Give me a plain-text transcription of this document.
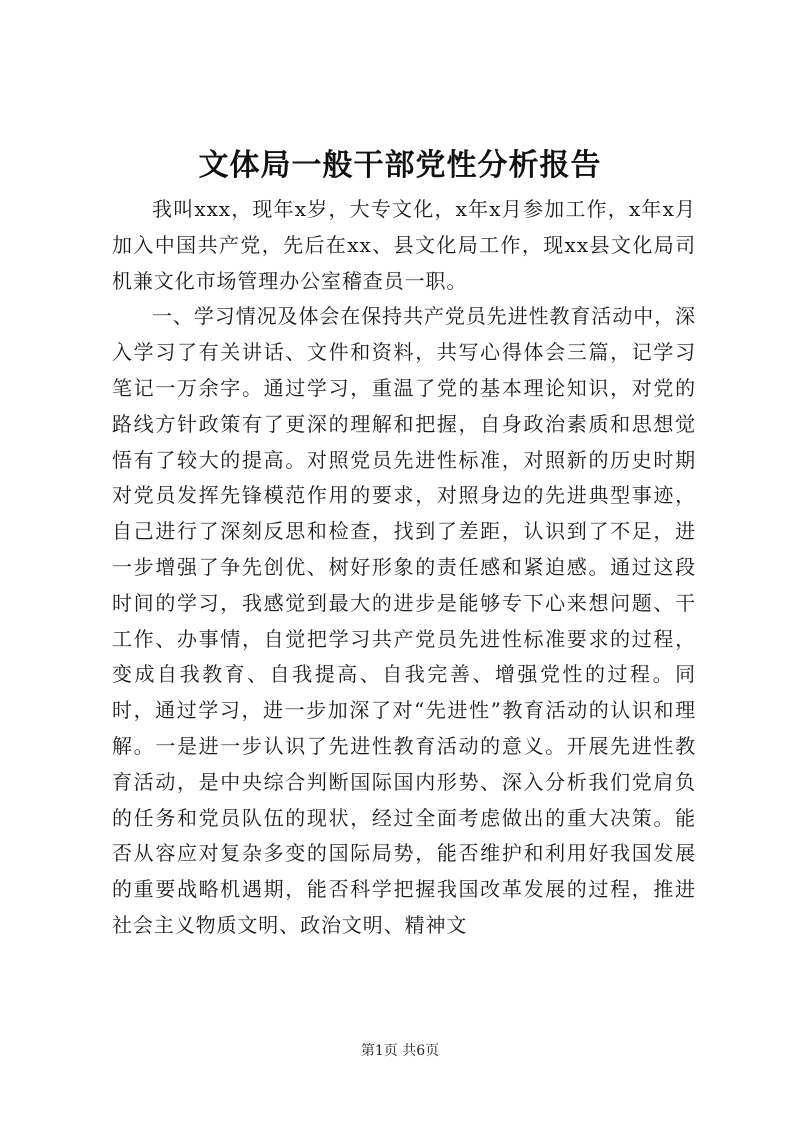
文体局一般干部党性分析报告

我叫xxx，现年x岁，大专文化，x年x月参加工作，x年x月加入中国共产党，先后在xx、县文化局工作，现xx县文化局司机兼文化市场管理办公室稽查员一职。

一、学习情况及体会在保持共产党员先进性教育活动中，深入学习了有关讲话、文件和资料，共写心得体会三篇，记学习笔记一万余字。通过学习，重温了党的基本理论知识，对党的路线方针政策有了更深的理解和把握，自身政治素质和思想觉悟有了较大的提高。对照党员先进性标准，对照新的历史时期对党员发挥先锋模范作用的要求，对照身边的先进典型事迹，自己进行了深刻反思和检查，找到了差距，认识到了不足，进一步增强了争先创优、树好形象的责任感和紧迫感。通过这段时间的学习，我感觉到最大的进步是能够专下心来想问题、干工作、办事情，自觉把学习共产党员先进性标准要求的过程，变成自我教育、自我提高、自我完善、增强党性的过程。同时，通过学习，进一步加深了对“先进性”教育活动的认识和理解。一是进一步认识了先进性教育活动的意义。开展先进性教育活动，是中央综合判断国际国内形势、深入分析我们党肩负的任务和党员队伍的现状，经过全面考虑做出的重大决策。能否从容应对复杂多变的国际局势，能否维护和利用好我国发展的重要战略机遇期，能否科学把握我国改革发展的过程，推进社会主义物质文明、政治文明、精神文

第1页 共6页
